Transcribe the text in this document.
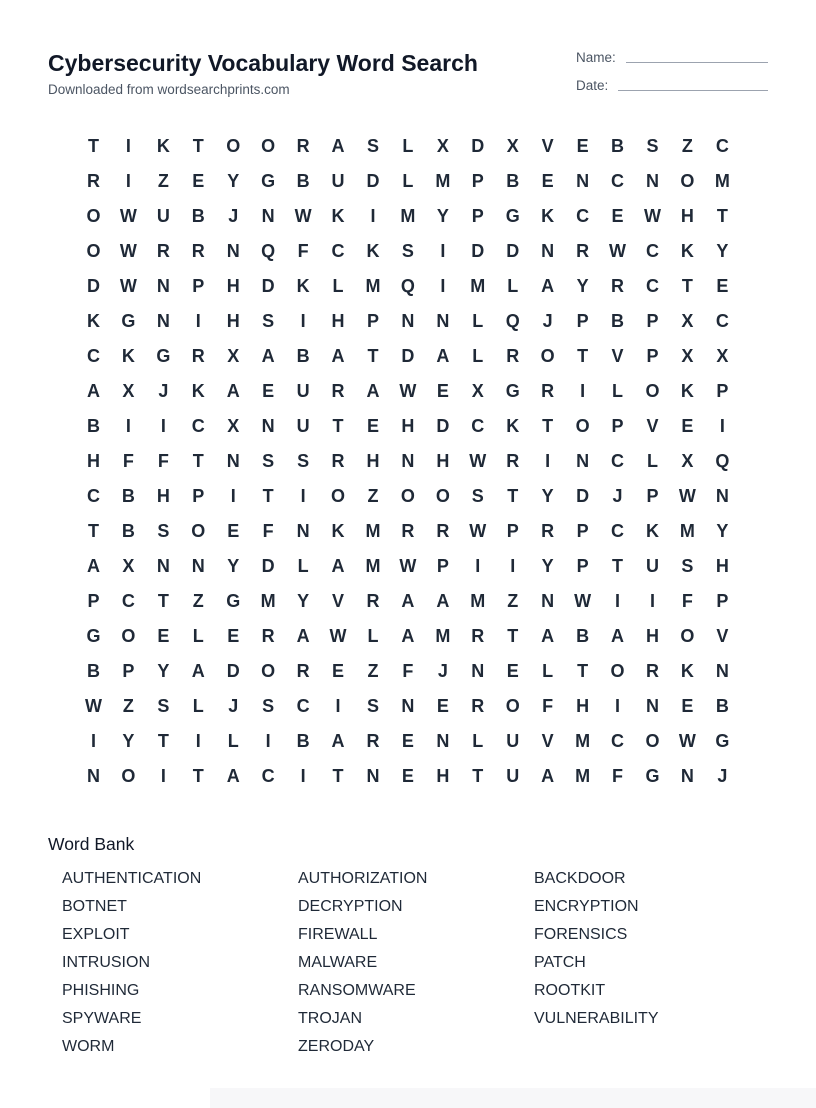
Cybersecurity Vocabulary Word Search

Downloaded from wordsearchprints.com

Name:
Date:
T	I	K	T	O	O	R	A	S	L	X	D	X	V	E	B	S	Z	C
R	I	Z	E	Y	G	B	U	D	L	M	P	B	E	N	C	N	O	M
O	W	U	B	J	N	W	K	I	M	Y	P	G	K	C	E	W	H	T
O	W	R	R	N	Q	F	C	K	S	I	D	D	N	R	W	C	K	Y
D	W	N	P	H	D	K	L	M	Q	I	M	L	A	Y	R	C	T	E
K	G	N	I	H	S	I	H	P	N	N	L	Q	J	P	B	P	X	C
C	K	G	R	X	A	B	A	T	D	A	L	R	O	T	V	P	X	X
A	X	J	K	A	E	U	R	A	W	E	X	G	R	I	L	O	K	P
B	I	I	C	X	N	U	T	E	H	D	C	K	T	O	P	V	E	I
H	F	F	T	N	S	S	R	H	N	H	W	R	I	N	C	L	X	Q
C	B	H	P	I	T	I	O	Z	O	O	S	T	Y	D	J	P	W	N
T	B	S	O	E	F	N	K	M	R	R	W	P	R	P	C	K	M	Y
A	X	N	N	Y	D	L	A	M	W	P	I	I	Y	P	T	U	S	H
P	C	T	Z	G	M	Y	V	R	A	A	M	Z	N	W	I	I	F	P
G	O	E	L	E	R	A	W	L	A	M	R	T	A	B	A	H	O	V
B	P	Y	A	D	O	R	E	Z	F	J	N	E	L	T	O	R	K	N
W	Z	S	L	J	S	C	I	S	N	E	R	O	F	H	I	N	E	B
I	Y	T	I	L	I	B	A	R	E	N	L	U	V	M	C	O	W	G
N	O	I	T	A	C	I	T	N	E	H	T	U	A	M	F	G	N	J
Word Bank
AUTHENTICATION	AUTHORIZATION	BACKDOOR
BOTNET	DECRYPTION	ENCRYPTION
EXPLOIT	FIREWALL	FORENSICS
INTRUSION	MALWARE	PATCH
PHISHING	RANSOMWARE	ROOTKIT
SPYWARE	TROJAN	VULNERABILITY
WORM	ZERODAY
